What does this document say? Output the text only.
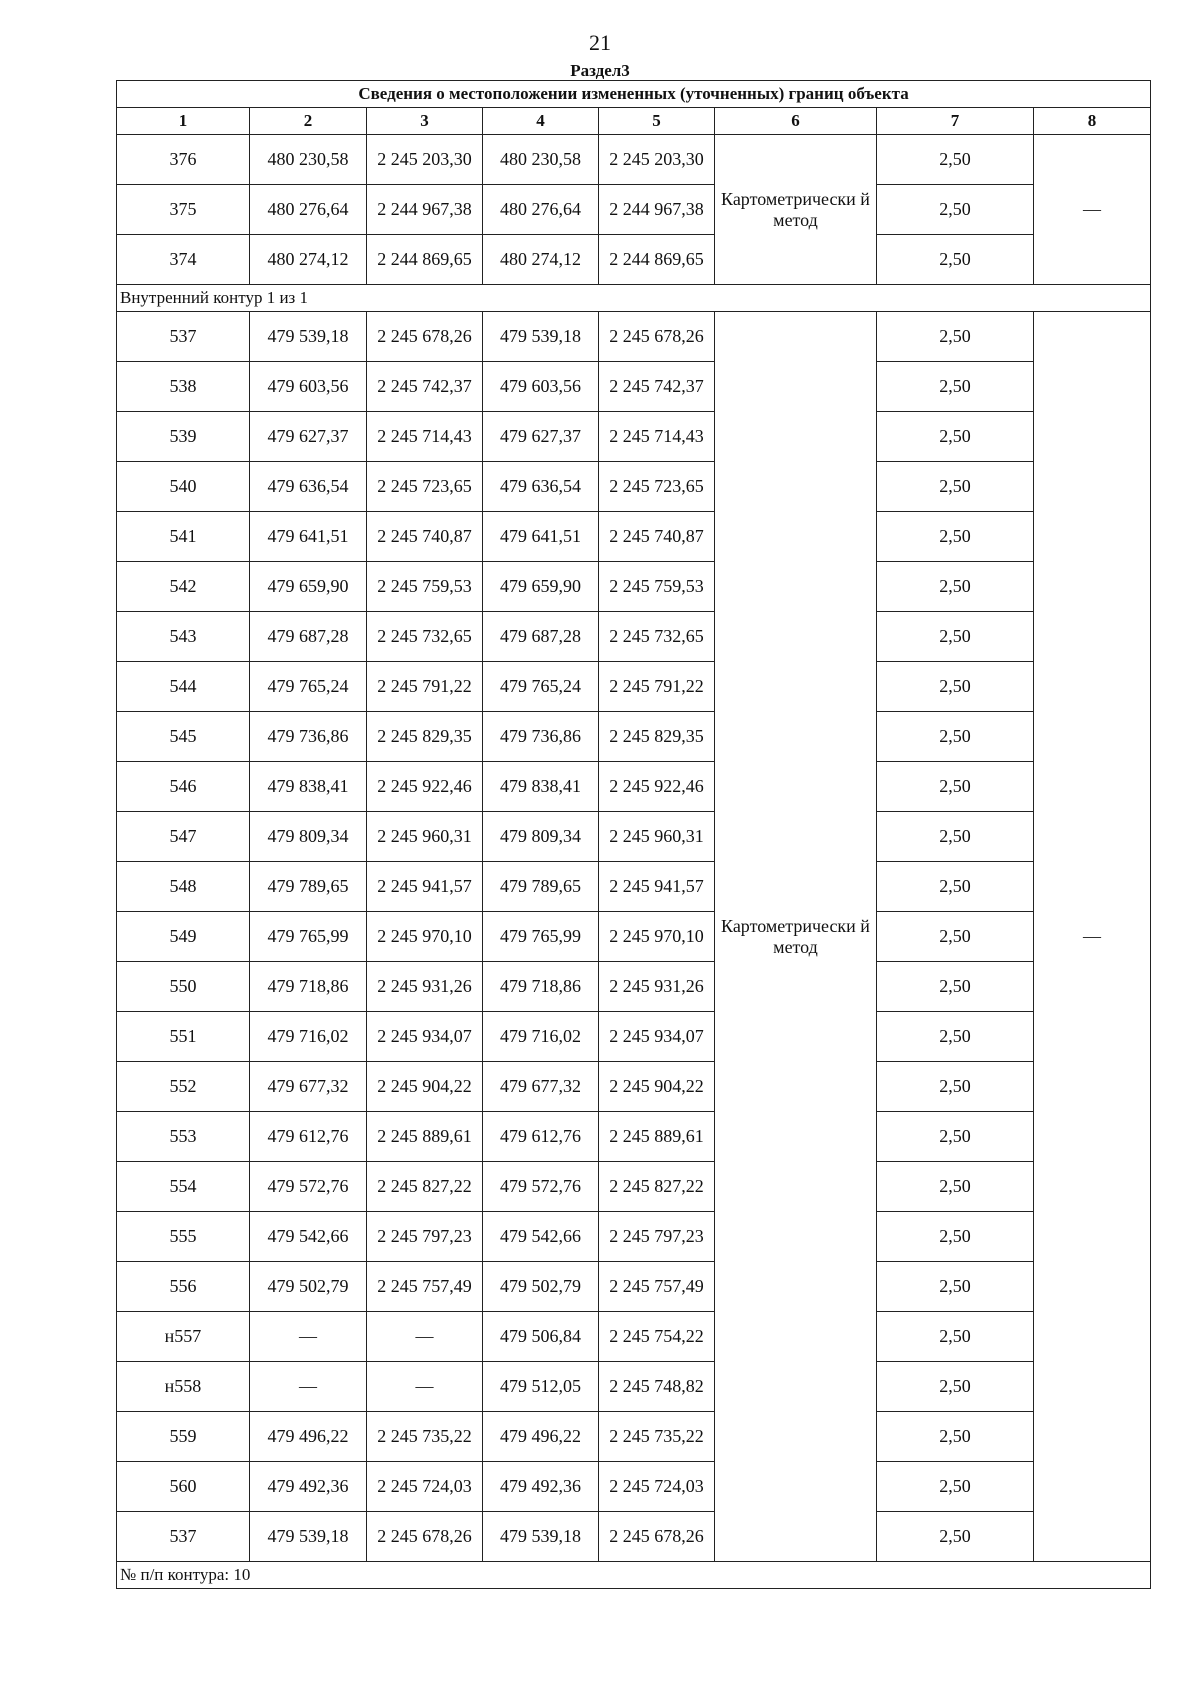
21
Раздел3
Сведения о местоположении измененных (уточненных) границ объекта							
1	2	3	4	5	6	7	8
376	480 230,58	2 245 203,30	480 230,58	2 245 203,30	Картометрически й метод	2,50	—
375	480 276,64	2 244 967,38	480 276,64	2 244 967,38		2,50	
374	480 274,12	2 244 869,65	480 274,12	2 244 869,65		2,50	
Внутренний контур 1 из 1							
537	479 539,18	2 245 678,26	479 539,18	2 245 678,26	Картометрически й метод	2,50	—
538	479 603,56	2 245 742,37	479 603,56	2 245 742,37		2,50	
539	479 627,37	2 245 714,43	479 627,37	2 245 714,43		2,50	
540	479 636,54	2 245 723,65	479 636,54	2 245 723,65		2,50	
541	479 641,51	2 245 740,87	479 641,51	2 245 740,87		2,50	
542	479 659,90	2 245 759,53	479 659,90	2 245 759,53		2,50	
543	479 687,28	2 245 732,65	479 687,28	2 245 732,65		2,50	
544	479 765,24	2 245 791,22	479 765,24	2 245 791,22		2,50	
545	479 736,86	2 245 829,35	479 736,86	2 245 829,35		2,50	
546	479 838,41	2 245 922,46	479 838,41	2 245 922,46		2,50	
547	479 809,34	2 245 960,31	479 809,34	2 245 960,31		2,50	
548	479 789,65	2 245 941,57	479 789,65	2 245 941,57		2,50	
549	479 765,99	2 245 970,10	479 765,99	2 245 970,10		2,50	
550	479 718,86	2 245 931,26	479 718,86	2 245 931,26		2,50	
551	479 716,02	2 245 934,07	479 716,02	2 245 934,07		2,50	
552	479 677,32	2 245 904,22	479 677,32	2 245 904,22		2,50	
553	479 612,76	2 245 889,61	479 612,76	2 245 889,61		2,50	
554	479 572,76	2 245 827,22	479 572,76	2 245 827,22		2,50	
555	479 542,66	2 245 797,23	479 542,66	2 245 797,23		2,50	
556	479 502,79	2 245 757,49	479 502,79	2 245 757,49		2,50	
н557	—	—	479 506,84	2 245 754,22		2,50	
н558	—	—	479 512,05	2 245 748,82		2,50	
559	479 496,22	2 245 735,22	479 496,22	2 245 735,22		2,50	
560	479 492,36	2 245 724,03	479 492,36	2 245 724,03		2,50	
537	479 539,18	2 245 678,26	479 539,18	2 245 678,26		2,50	
№ п/п контура: 10							
